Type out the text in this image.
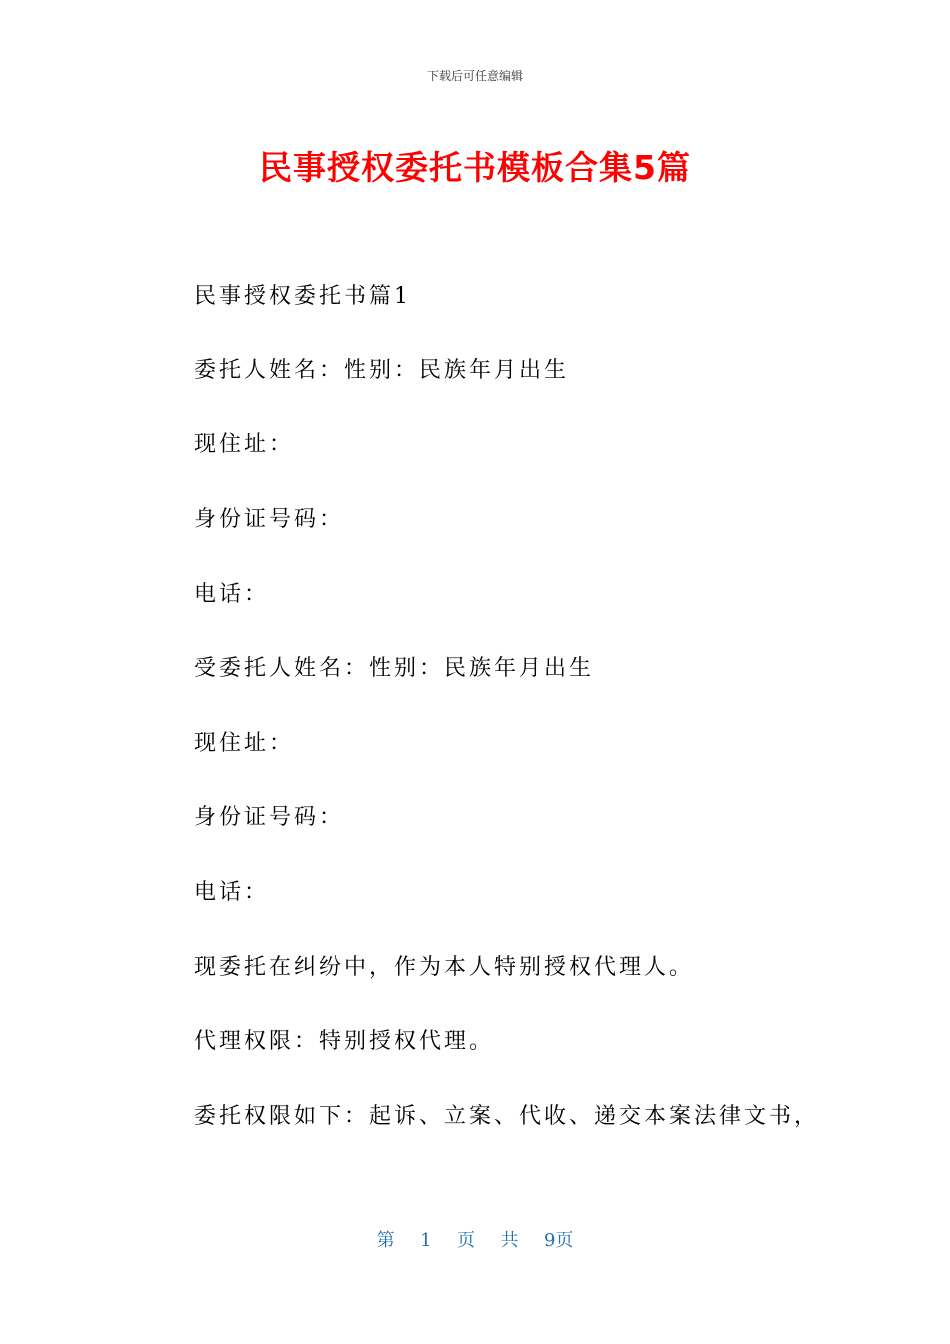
下载后可任意编辑
民事授权委托书模板合集5篇
民事授权委托书篇1
委托人姓名：性别：民族年月出生
现住址：
身份证号码：
电话：
受委托人姓名：性别：民族年月出生
现住址：
身份证号码：
电话：
现委托在纠纷中，作为本人特别授权代理人。
代理权限：特别授权代理。
委托权限如下：起诉、立案、代收、递交本案法律文书，
第 1 页 共 9页
